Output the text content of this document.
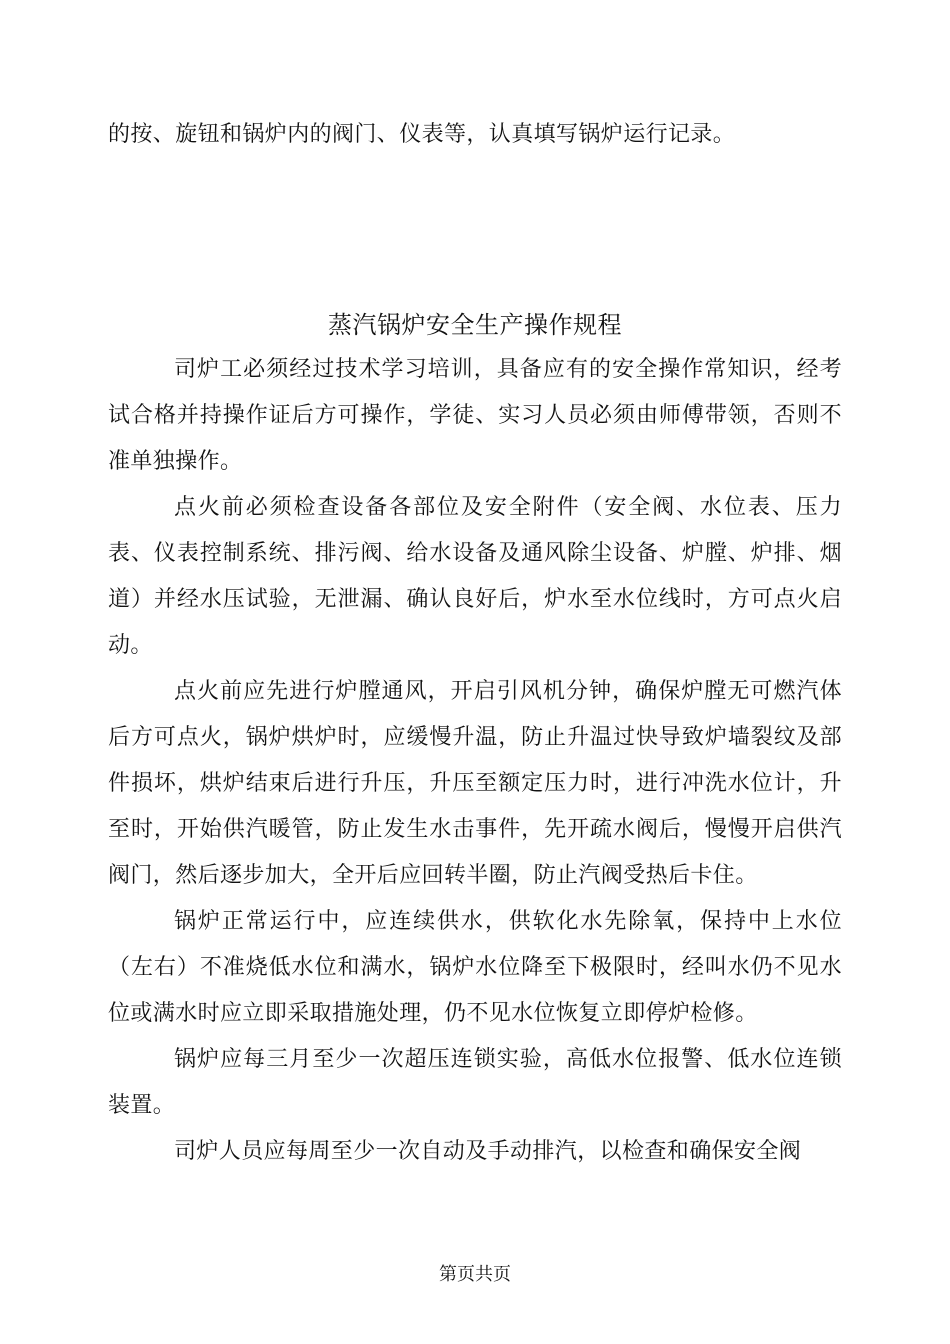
的按、旋钮和锅炉内的阀门、仪表等，认真填写锅炉运行记录。
蒸汽锅炉安全生产操作规程

司炉工必须经过技术学习培训，具备应有的安全操作常知识，经考试合格并持操作证后方可操作，学徒、实习人员必须由师傅带领，否则不准单独操作。

点火前必须检查设备各部位及安全附件（安全阀、水位表、压力表、仪表控制系统、排污阀、给水设备及通风除尘设备、炉膛、炉排、烟道）并经水压试验，无泄漏、确认良好后，炉水至水位线时，方可点火启动。

点火前应先进行炉膛通风，开启引风机分钟，确保炉膛无可燃汽体后方可点火，锅炉烘炉时，应缓慢升温，防止升温过快导致炉墙裂纹及部件损坏，烘炉结束后进行升压，升压至额定压力时，进行冲洗水位计，升至时，开始供汽暖管，防止发生水击事件，先开疏水阀后，慢慢开启供汽阀门，然后逐步加大，全开后应回转半圈，防止汽阀受热后卡住。

锅炉正常运行中，应连续供水，供软化水先除氧，保持中上水位（左右）不准烧低水位和满水，锅炉水位降至下极限时，经叫水仍不见水位或满水时应立即采取措施处理，仍不见水位恢复立即停炉检修。

锅炉应每三月至少一次超压连锁实验，高低水位报警、低水位连锁装置。

司炉人员应每周至少一次自动及手动排汽，以检查和确保安全阀

第页共页
